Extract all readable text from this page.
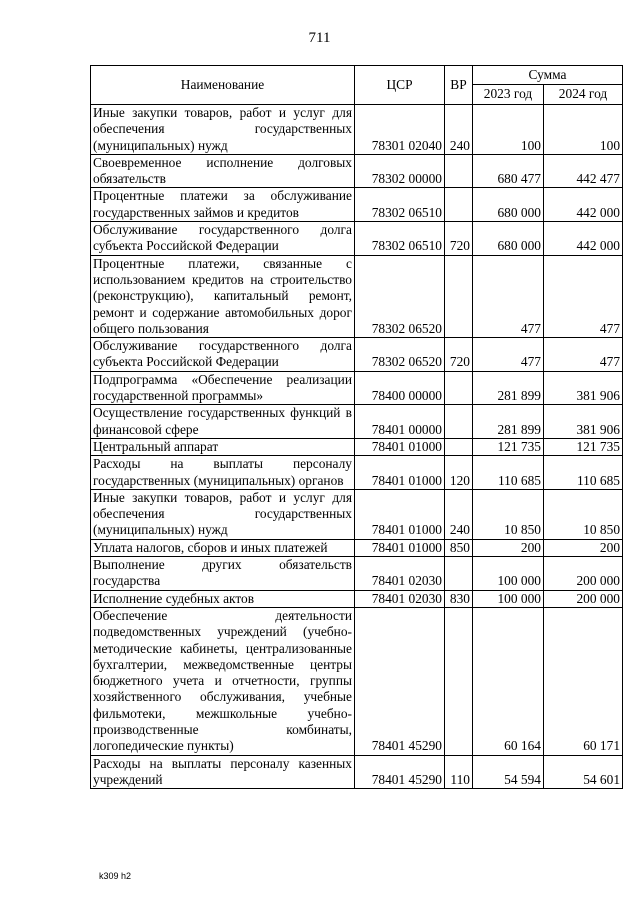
711
Наименование	ЦСР	ВР	Сумма	
			2023 год	2024 год
Иные закупки товаров, работ и услуг для обеспечения государственных (муниципальных) нужд	78301 02040	240	100	100
Своевременное исполнение долговых обязательств	78302 00000		680 477	442 477
Процентные платежи за обслуживание государственных займов и кредитов	78302 06510		680 000	442 000
Обслуживание государственного долга субъекта Российской Федерации	78302 06510	720	680 000	442 000
Процентные платежи, связанные с использованием кредитов на строительство (реконструкцию), капитальный ремонт, ремонт и содержание автомобильных дорог общего пользования	78302 06520		477	477
Обслуживание государственного долга субъекта Российской Федерации	78302 06520	720	477	477
Подпрограмма «Обеспечение реализации государственной программы»	78400 00000		281 899	381 906
Осуществление государственных функций в финансовой сфере	78401 00000		281 899	381 906
Центральный аппарат	78401 01000		121 735	121 735
Расходы на выплаты персоналу государственных (муниципальных) органов	78401 01000	120	110 685	110 685
Иные закупки товаров, работ и услуг для обеспечения государственных (муниципальных) нужд	78401 01000	240	10 850	10 850
Уплата налогов, сборов и иных платежей	78401 01000	850	200	200
Выполнение других обязательств государства	78401 02030		100 000	200 000
Исполнение судебных актов	78401 02030	830	100 000	200 000
Обеспечение деятельности подведомственных учреждений (учебно-методические кабинеты, централизованные бухгалтерии, межведомственные центры бюджетного учета и отчетности, группы хозяйственного обслуживания, учебные фильмотеки, межшкольные учебно-производственные комбинаты, логопедические пункты)	78401 45290		60 164	60 171
Расходы на выплаты персоналу казенных учреждений	78401 45290	110	54 594	54 601
k309 h2
